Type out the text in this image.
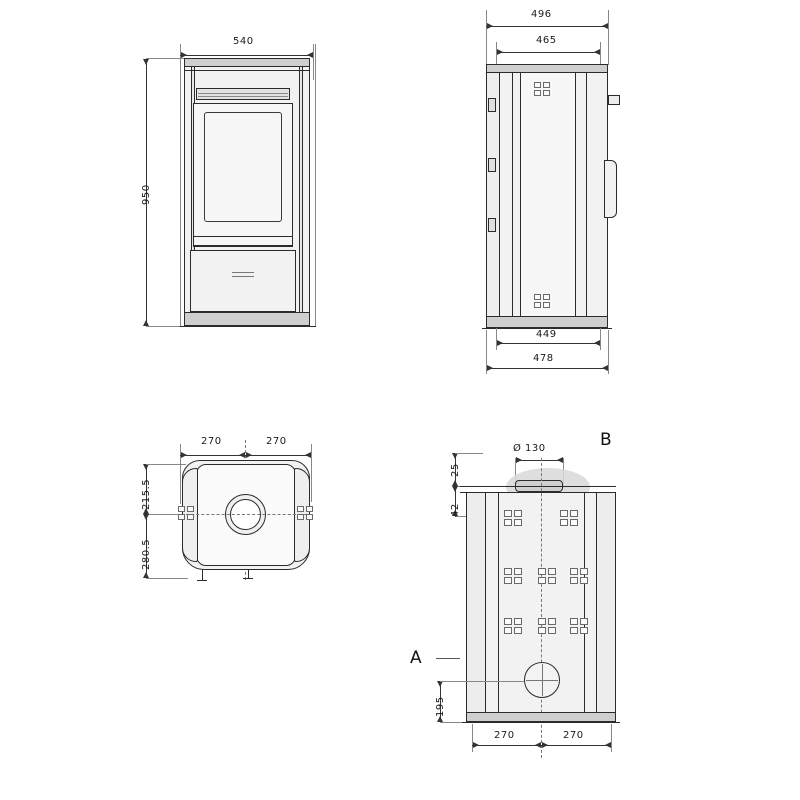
540
950
496
465
449
478
270	270
215.5
280.5
B
A
Ø 130
25
42
195
270	270
